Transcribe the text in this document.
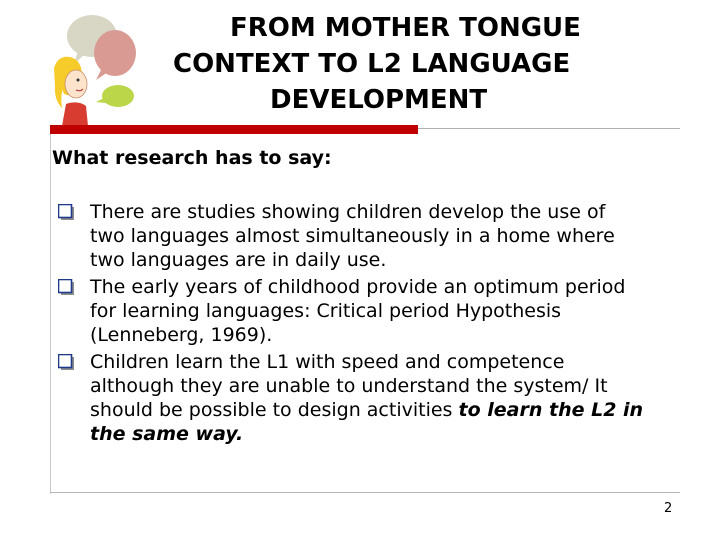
FROM MOTHER TONGUE
CONTEXT TO L2 LANGUAGE
DEVELOPMENT
What research has to say:
There are studies showing children develop the use of
two languages almost simultaneously in a home where
two languages are in daily use.
The early years of childhood provide an optimum period
for learning languages: Critical period Hypothesis
(Lenneberg, 1969).
Children learn the L1 with speed and competence
although they are unable to understand the system/ It
should be possible to design activities to learn the L2 in
the same way.
2
